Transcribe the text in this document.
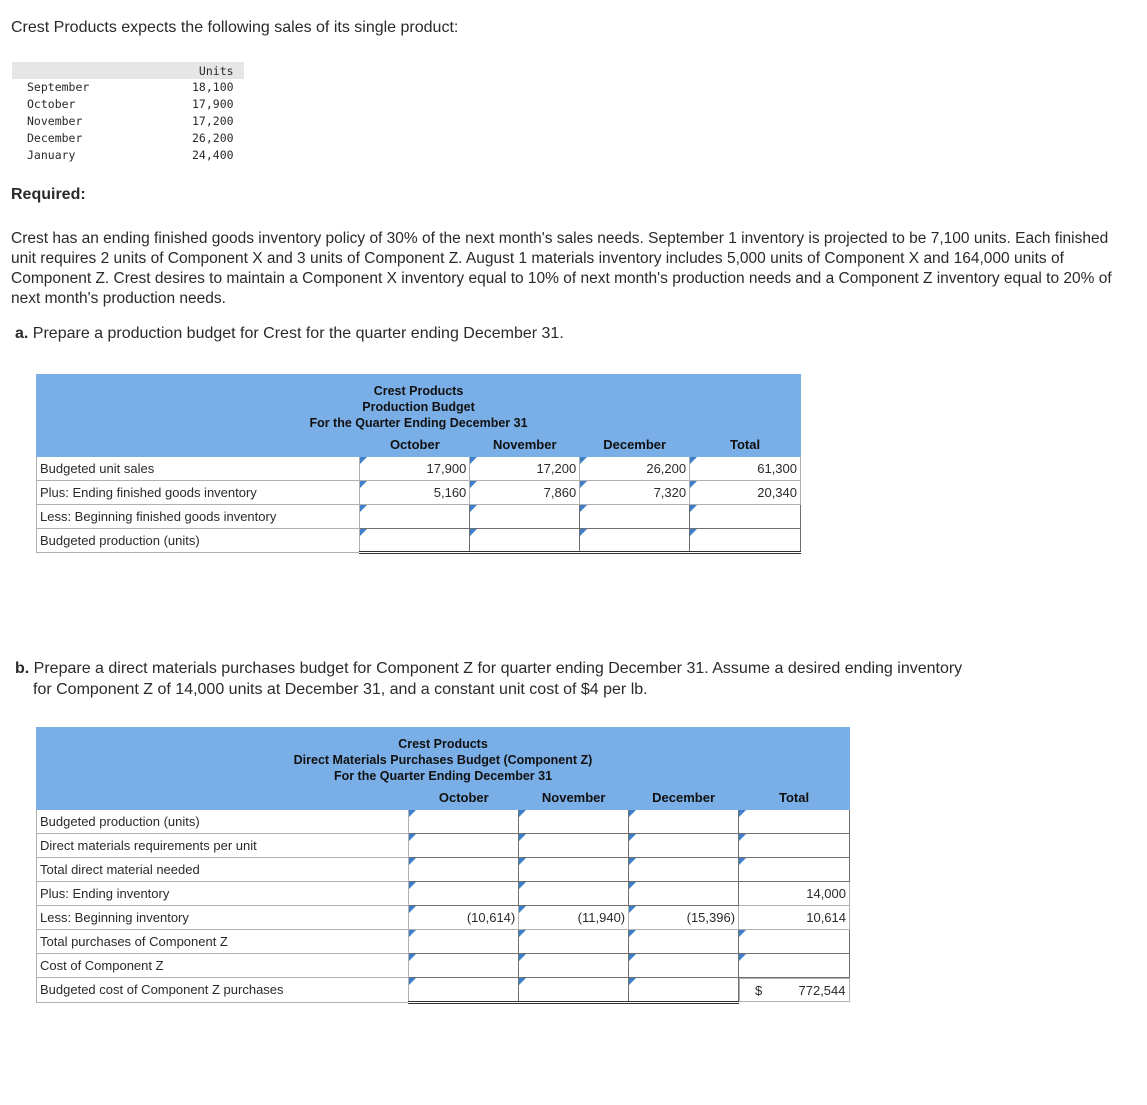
Crest Products expects the following sales of its single product:
	Units
September	18,100
October	17,900
November	17,200
December	26,200
January	24,400
Required:
Crest has an ending finished goods inventory policy of 30% of the next month's sales needs. September 1 inventory is projected to be 7,100 units. Each finished unit requires 2 units of Component X and 3 units of Component Z. August 1 materials inventory includes 5,000 units of Component X and 164,000 units of Component Z. Crest desires to maintain a Component X inventory equal to 10% of next month's production needs and a Component Z inventory equal to 20% of next month's production needs.
a. Prepare a production budget for Crest for the quarter ending December 31.
Crest Products
Production Budget
For the Quarter Ending December 31				

	October	November	December	Total
Budgeted unit sales	17,900	17,200	26,200	61,300
Plus: Ending finished goods inventory	5,160	7,860	7,320	20,340
Less: Beginning finished goods inventory				
Budgeted production (units)				
b. Prepare a direct materials purchases budget for Component Z for quarter ending December 31. Assume a desired ending inventory
for Component Z of 14,000 units at December 31, and a constant unit cost of $4 per lb.
Crest Products
Direct Materials Purchases Budget (Component Z)
For the Quarter Ending December 31				

	October	November	December	Total
Budgeted production (units)				
Direct materials requirements per unit				
Total direct material needed				
Plus: Ending inventory				14,000
Less: Beginning inventory	(10,614)	(11,940)	(15,396)	10,614
Total purchases of Component Z				
Cost of Component Z				
Budgeted cost of Component Z purchases					$	772,544
